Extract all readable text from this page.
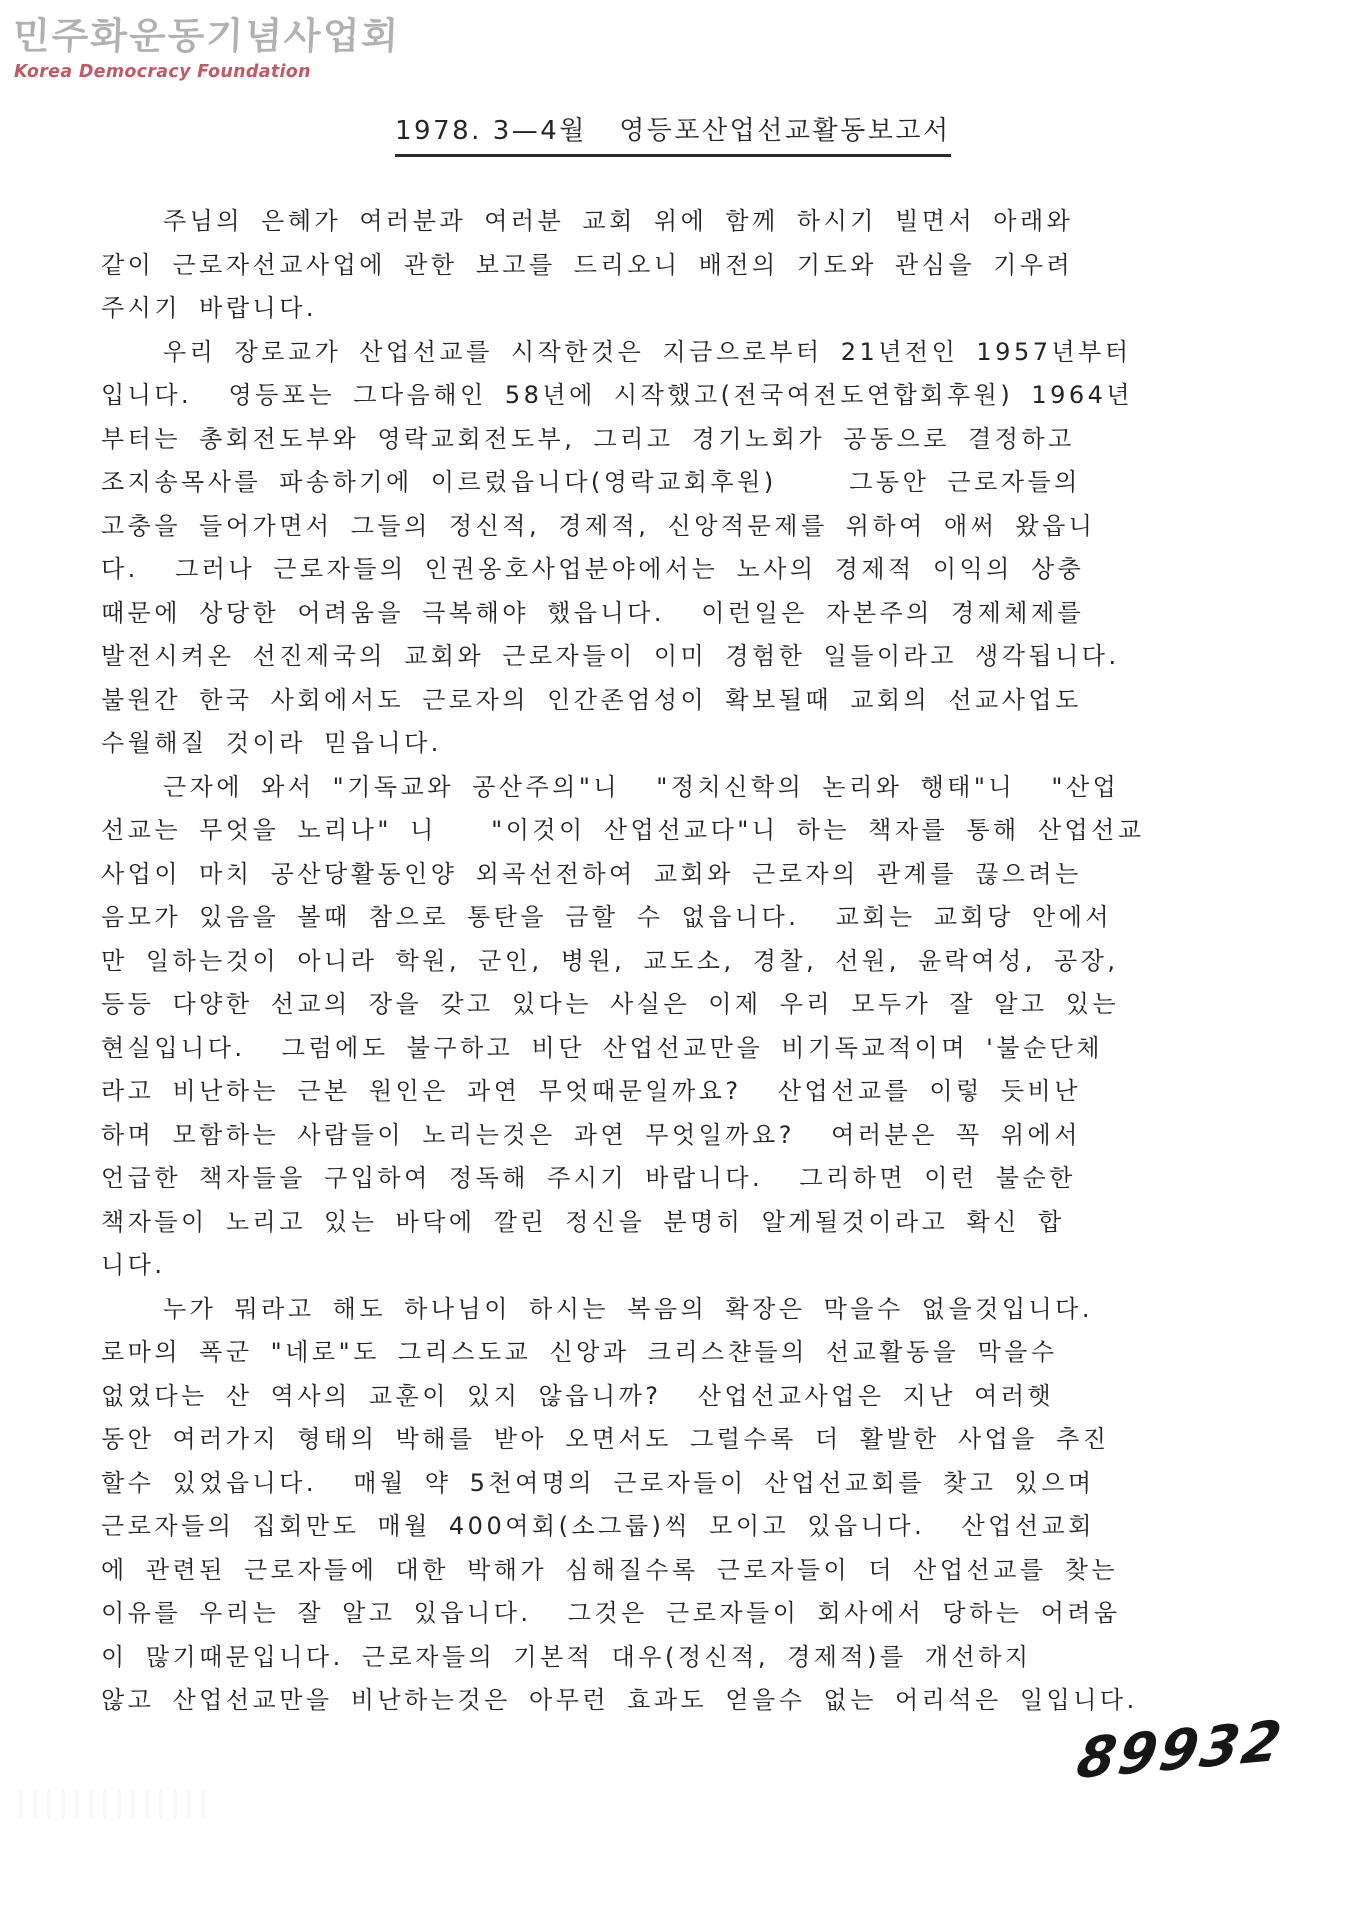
민주화운동기념사업회
Korea Democracy Foundation
1978. 3—4월   영등포산업선교활동보고서
주님의 은혜가 여러분과 여러분 교회 위에 함께 하시기 빌면서 아래와
같이 근로자선교사업에 관한 보고를 드리오니 배전의 기도와 관심을 기우려
주시기 바랍니다.
우리 장로교가 산업선교를 시작한것은 지금으로부터 21년전인 1957년부터
입니다.  영등포는 그다음해인 58년에 시작했고(전국여전도연합회후원) 1964년
부터는 총회전도부와 영락교회전도부, 그리고 경기노회가 공동으로 결정하고
조지송목사를 파송하기에 이르렀읍니다(영락교회후원)    그동안 근로자들의
고충을 들어가면서 그들의 정신적, 경제적, 신앙적문제를 위하여 애써 왔읍니
다.  그러나 근로자들의 인권옹호사업분야에서는 노사의 경제적 이익의 상충
때문에 상당한 어려움을 극복해야 했읍니다.  이런일은 자본주의 경제체제를
발전시켜온 선진제국의 교회와 근로자들이 이미 경험한 일들이라고 생각됩니다.
불원간 한국 사회에서도 근로자의 인간존엄성이 확보될때 교회의 선교사업도
수월해질 것이라 믿읍니다.
근자에 와서 "기독교와 공산주의"니  "정치신학의 논리와 행태"니  "산업
선교는 무엇을 노리나" 니   "이것이 산업선교다"니 하는 책자를 통해 산업선교
사업이 마치 공산당활동인양 외곡선전하여 교회와 근로자의 관계를 끊으려는
음모가 있음을 볼때 참으로 통탄을 금할 수 없읍니다.  교회는 교회당 안에서
만 일하는것이 아니라 학원, 군인, 병원, 교도소, 경찰, 선원, 윤락여성, 공장,
등등 다양한 선교의 장을 갖고 있다는 사실은 이제 우리 모두가 잘 알고 있는
현실입니다.  그럼에도 불구하고 비단 산업선교만을 비기독교적이며 '불순단체
라고 비난하는 근본 원인은 과연 무엇때문일까요?  산업선교를 이렇 듯비난
하며 모함하는 사람들이 노리는것은 과연 무엇일까요?  여러분은 꼭 위에서
언급한 책자들을 구입하여 정독해 주시기 바랍니다.  그리하면 이런 불순한
책자들이 노리고 있는 바닥에 깔린 정신을 분명히 알게될것이라고 확신 합
니다.
누가 뭐라고 해도 하나님이 하시는 복음의 확장은 막을수 없을것입니다.
로마의 폭군 "네로"도 그리스도교 신앙과 크리스챤들의 선교활동을 막을수
없었다는 산 역사의 교훈이 있지 않읍니까?  산업선교사업은 지난 여러햇
동안 여러가지 형태의 박해를 받아 오면서도 그럴수록 더 활발한 사업을 추진
할수 있었읍니다.  매월 약 5천여명의 근로자들이 산업선교회를 찾고 있으며
근로자들의 집회만도 매월 400여회(소그룹)씩 모이고 있읍니다.  산업선교회
에 관련된 근로자들에 대한 박해가 심해질수록 근로자들이 더 산업선교를 찾는
이유를 우리는 잘 알고 있읍니다.  그것은 근로자들이 회사에서 당하는 어려움
이 많기때문입니다. 근로자들의 기본적 대우(정신적, 경제적)를 개선하지
않고 산업선교만을 비난하는것은 아무런 효과도 얻을수 없는 어리석은 일입니다.
89932
